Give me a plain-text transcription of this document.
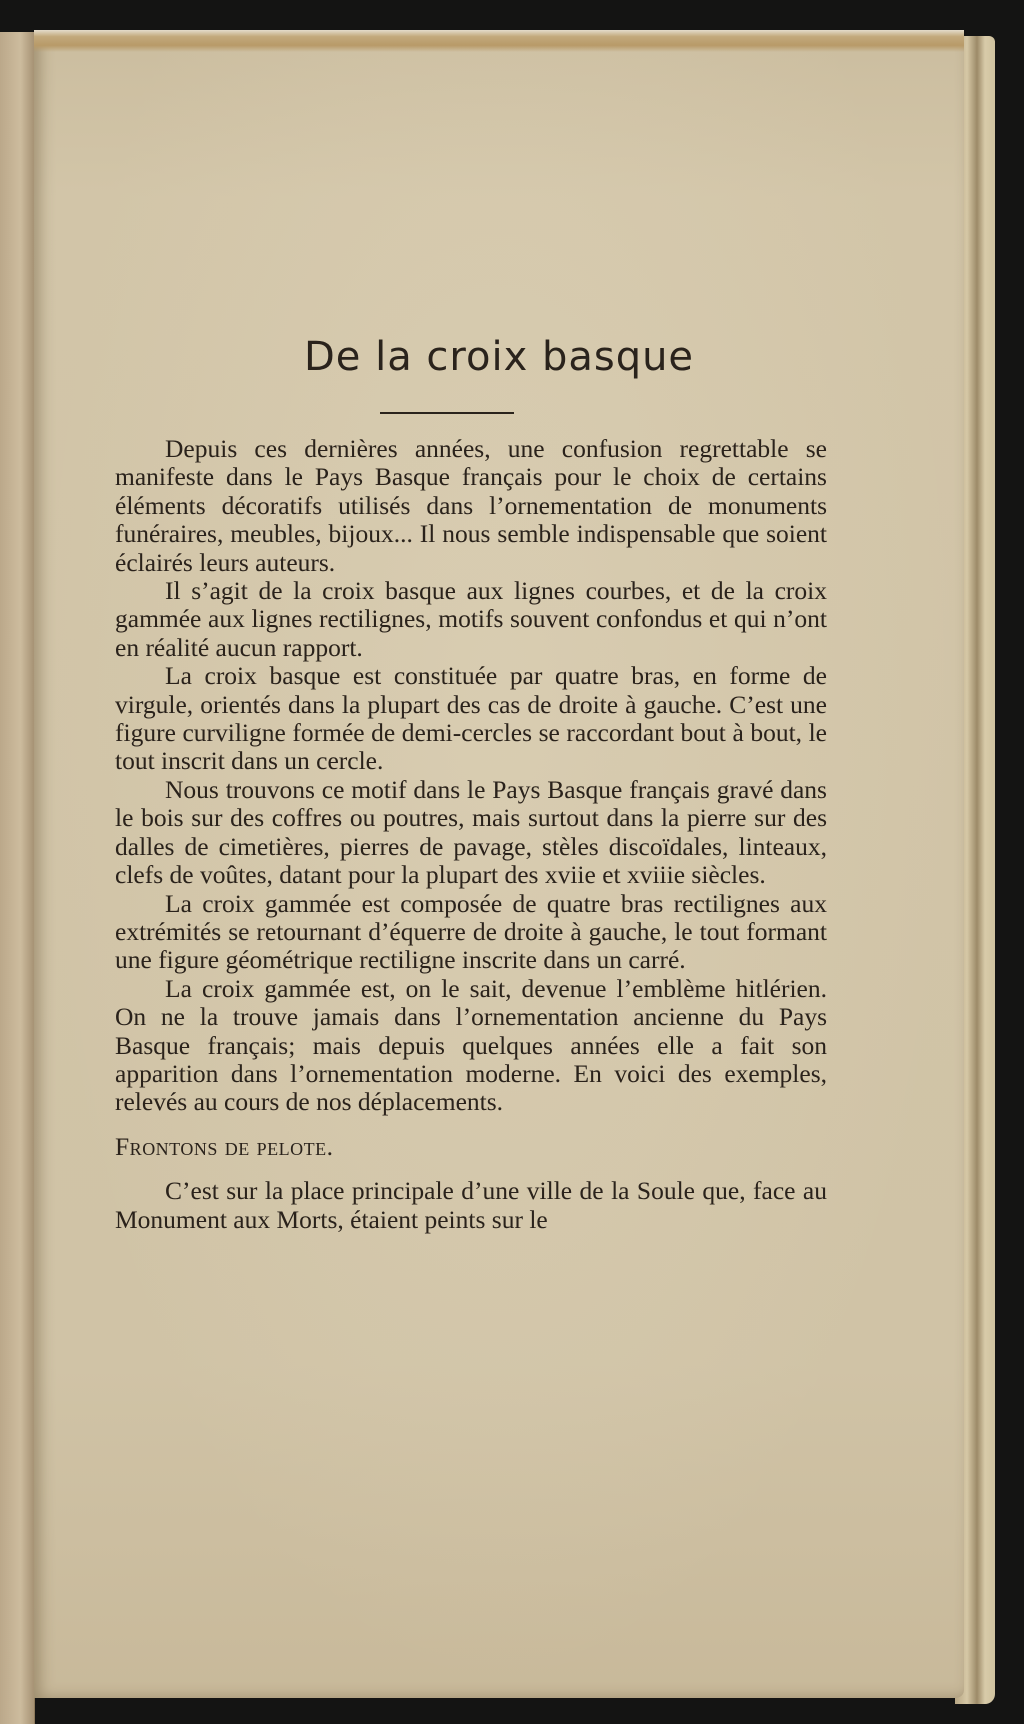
De la croix basque

Depuis ces dernières années, une confusion regrettable se manifeste dans le Pays Basque français pour le choix de certains éléments décoratifs utilisés dans l’ornementation de monuments funéraires, meubles, bijoux... Il nous semble indispensable que soient éclairés leurs auteurs.

Il s’agit de la croix basque aux lignes courbes, et de la croix gammée aux lignes rectilignes, motifs souvent confondus et qui n’ont en réalité aucun rapport.

La croix basque est constituée par quatre bras, en forme de virgule, orientés dans la plupart des cas de droite à gauche. C’est une figure curviligne formée de demi-cercles se raccordant bout à bout, le tout inscrit dans un cercle.

Nous trouvons ce motif dans le Pays Basque français gravé dans le bois sur des coffres ou poutres, mais surtout dans la pierre sur des dalles de cimetières, pierres de pavage, stèles discoïdales, linteaux, clefs de voûtes, datant pour la plupart des xviie et xviiie siècles.

La croix gammée est composée de quatre bras rectilignes aux extrémités se retournant d’équerre de droite à gauche, le tout formant une figure géométrique rectiligne inscrite dans un carré.

La croix gammée est, on le sait, devenue l’emblème hitlérien. On ne la trouve jamais dans l’ornementation ancienne du Pays Basque français; mais depuis quelques années elle a fait son apparition dans l’ornementation moderne. En voici des exemples, relevés au cours de nos déplacements.

Frontons de pelote.

C’est sur la place principale d’une ville de la Soule que, face au Monument aux Morts, étaient peints sur le
